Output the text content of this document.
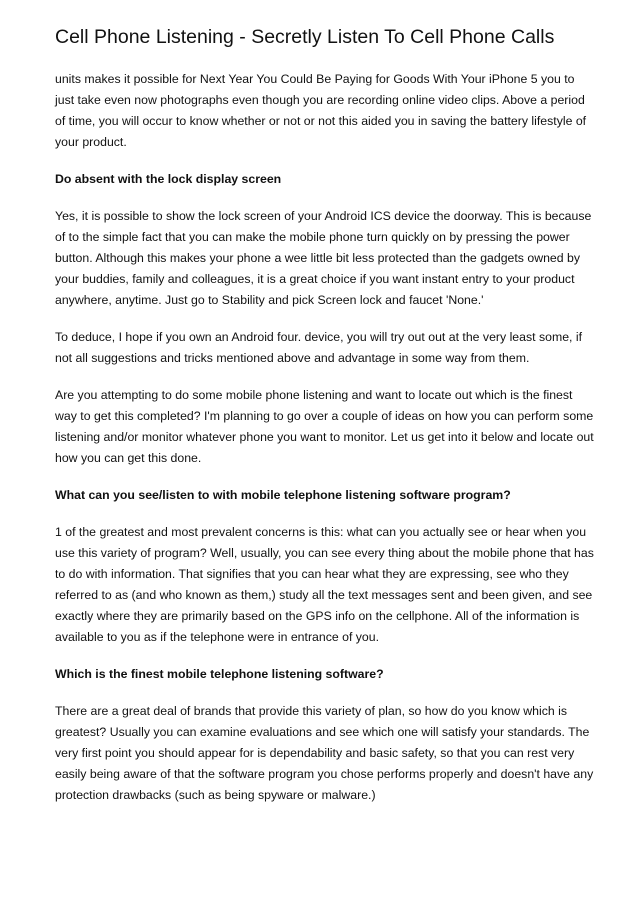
Cell Phone Listening - Secretly Listen To Cell Phone Calls

units makes it possible for Next Year You Could Be Paying for Goods With Your iPhone 5 you to just take even now photographs even though you are recording online video clips. Above a period of time, you will occur to know whether or not or not this aided you in saving the battery lifestyle of your product.

Do absent with the lock display screen

Yes, it is possible to show the lock screen of your Android ICS device the doorway. This is because of to the simple fact that you can make the mobile phone turn quickly on by pressing the power button. Although this makes your phone a wee little bit less protected than the gadgets owned by your buddies, family and colleagues, it is a great choice if you want instant entry to your product anywhere, anytime. Just go to Stability and pick Screen lock and faucet 'None.'

To deduce, I hope if you own an Android four. device, you will try out out at the very least some, if not all suggestions and tricks mentioned above and advantage in some way from them.

Are you attempting to do some mobile phone listening and want to locate out which is the finest way to get this completed? I'm planning to go over a couple of ideas on how you can perform some listening and/or monitor whatever phone you want to monitor. Let us get into it below and locate out how you can get this done.

What can you see/listen to with mobile telephone listening software program?

1 of the greatest and most prevalent concerns is this: what can you actually see or hear when you use this variety of program? Well, usually, you can see every thing about the mobile phone that has to do with information. That signifies that you can hear what they are expressing, see who they referred to as (and who known as them,) study all the text messages sent and been given, and see exactly where they are primarily based on the GPS info on the cellphone. All of the information is available to you as if the telephone were in entrance of you.

Which is the finest mobile telephone listening software?

There are a great deal of brands that provide this variety of plan, so how do you know which is greatest? Usually you can examine evaluations and see which one will satisfy your standards. The very first point you should appear for is dependability and basic safety, so that you can rest very easily being aware of that the software program you chose performs properly and doesn't have any protection drawbacks (such as being spyware or malware.)
